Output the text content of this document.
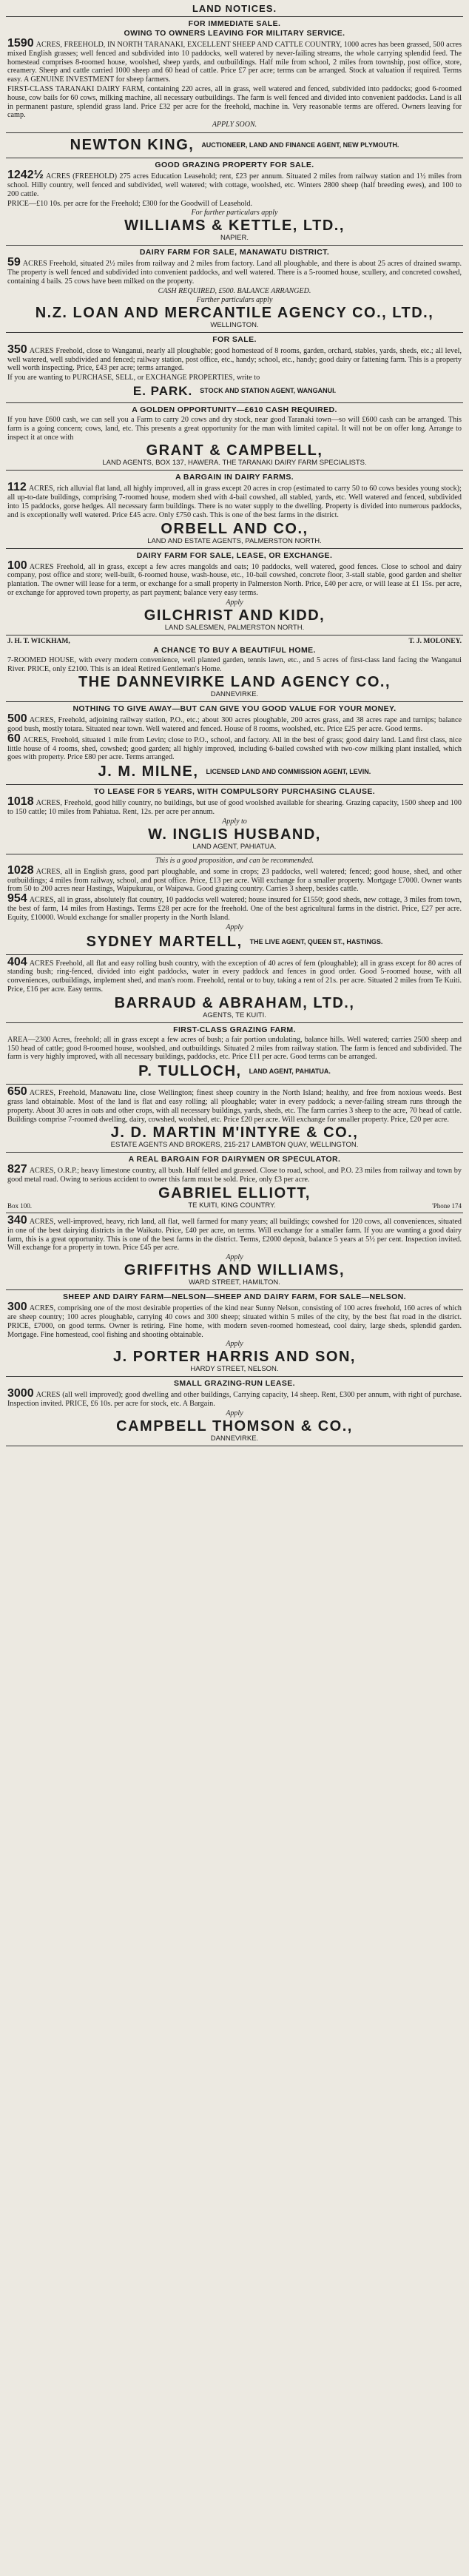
LAND NOTICES.
FOR IMMEDIATE SALE.
OWING TO OWNERS LEAVING FOR MILITARY SERVICE.

1590 ACRES, FREEHOLD, IN NORTH TARANAKI, EXCELLENT SHEEP AND CATTLE COUNTRY, 1000 acres has been grassed, 500 acres mixed English grasses; well fenced and subdivided into 10 paddocks, well watered by never-failing streams, the whole carrying splendid feed. The homestead comprises 8-roomed house, woolshed, sheep yards, and outbuildings. Half mile from school, 2 miles from township, post office, store, creamery. Sheep and cattle carried 1000 sheep and 60 head of cattle. Price £7 per acre; terms can be arranged. Stock at valuation if required. Terms easy. A GENUINE INVESTMENT for sheep farmers.

FIRST-CLASS TARANAKI DAIRY FARM, containing 220 acres, all in grass, well watered and fenced, subdivided into paddocks; good 6-roomed house, cow bails for 60 cows, milking machine, all necessary outbuildings. The farm is well fenced and divided into convenient paddocks. Land is all in permanent pasture, splendid grass land. Price £32 per acre for the freehold, machine in. Very reasonable terms are offered. Owners leaving for camp.

APPLY SOON.
NEWTON KING, AUCTIONEER, LAND AND FINANCE AGENT, NEW PLYMOUTH.
GOOD GRAZING PROPERTY FOR SALE.

1242½ ACRES (FREEHOLD) 275 acres Education Leasehold; rent, £23 per annum. Situated 2 miles from railway station and 1½ miles from school. Hilly country, well fenced and subdivided, well watered; with cottage, woolshed, etc. Winters 2800 sheep (half breeding ewes), and 100 to 200 cattle.

PRICE—£10 10s. per acre for the Freehold; £300 for the Goodwill of Leasehold.

For further particulars apply
WILLIAMS & KETTLE, LTD.,
NAPIER.
DAIRY FARM FOR SALE, MANAWATU DISTRICT.

59 ACRES Freehold, situated 2½ miles from railway and 2 miles from factory. Land all ploughable, and there is about 25 acres of drained swamp. The property is well fenced and subdivided into convenient paddocks, and well watered. There is a 5-roomed house, scullery, and concreted cowshed, containing 4 bails. 25 cows have been milked on the property.

CASH REQUIRED, £500. BALANCE ARRANGED.
Further particulars apply
N.Z. LOAN AND MERCANTILE AGENCY CO., LTD.,
WELLINGTON.
FOR SALE.

350 ACRES Freehold, close to Wanganui, nearly all ploughable; good homestead of 8 rooms, garden, orchard, stables, yards, sheds, etc.; all level, well watered, well subdivided and fenced; railway station, post office, etc., handy; school, etc., handy; good dairy or fattening farm. This is a property well worth inspecting. Price, £43 per acre; terms arranged.

If you are wanting to PURCHASE, SELL, or EXCHANGE PROPERTIES, write to

E. PARK. STOCK AND STATION AGENT, WANGANUI.
A GOLDEN OPPORTUNITY—£610 CASH REQUIRED.

If you have £600 cash, we can sell you a Farm to carry 20 cows and dry stock, near good Taranaki town—so will £600 cash can be arranged. This farm is a going concern; cows, land, etc. This presents a great opportunity for the man with limited capital. It will not be on offer long. Arrange to inspect it at once with

GRANT & CAMPBELL,
LAND AGENTS, BOX 137, HAWERA. THE TARANAKI DAIRY FARM SPECIALISTS.
A BARGAIN IN DAIRY FARMS.

112 ACRES, rich alluvial flat land, all highly improved, all in grass except 20 acres in crop (estimated to carry 50 to 60 cows besides young stock); all up-to-date buildings, comprising 7-roomed house, modern shed with 4-bail cowshed, all stabled, yards, etc. Well watered and fenced, subdivided into 15 paddocks, gorse hedges. All necessary farm buildings. There is no water supply to the dwelling. Property is divided into numerous paddocks, and is exceptionally well watered. Price £45 acre. Only £750 cash. This is one of the best farms in the district.

ORBELL AND CO.,
LAND AND ESTATE AGENTS, PALMERSTON NORTH.
DAIRY FARM FOR SALE, LEASE, OR EXCHANGE.

100 ACRES Freehold, all in grass, except a few acres mangolds and oats; 10 paddocks, well watered, good fences. Close to school and dairy company, post office and store; well-built, 6-roomed house, wash-house, etc., 10-bail cowshed, concrete floor, 3-stall stable, good garden and shelter plantation. The owner will lease for a term, or exchange for a small property in Palmerston North. Price, £40 per acre, or will lease at £1 15s. per acre, or exchange for approved town property, as part payment; balance very easy terms.

Apply
GILCHRIST AND KIDD,
LAND SALESMEN, PALMERSTON NORTH.
J. H. T. WICKHAM,	T. J. MOLONEY.
A CHANCE TO BUY A BEAUTIFUL HOME.

7-ROOMED HOUSE, with every modern convenience, well planted garden, tennis lawn, etc., and 5 acres of first-class land facing the Wanganui River. PRICE, only £2100. This is an ideal Retired Gentleman's Home.

THE DANNEVIRKE LAND AGENCY CO.,
DANNEVIRKE.
NOTHING TO GIVE AWAY—BUT CAN GIVE YOU GOOD VALUE FOR YOUR MONEY.

500 ACRES, Freehold, adjoining railway station, P.O., etc.; about 300 acres ploughable, 200 acres grass, and 38 acres rape and turnips; balance good bush, mostly totara. Situated near town. Well watered and fenced. House of 8 rooms, woolshed, etc. Price £25 per acre. Good terms.

60 ACRES, Freehold, situated 1 mile from Levin; close to P.O., school, and factory. All in the best of grass; good dairy land. Land first class, nice little house of 4 rooms, shed, cowshed; good garden; all highly improved, including 6-bailed cowshed with two-cow milking plant installed, which goes with property. Price £80 per acre. Terms arranged.

J. M. MILNE, LICENSED LAND AND COMMISSION AGENT, LEVIN.
TO LEASE FOR 5 YEARS, WITH COMPULSORY PURCHASING CLAUSE.

1018 ACRES, Freehold, good hilly country, no buildings, but use of good woolshed available for shearing. Grazing capacity, 1500 sheep and 100 to 150 cattle; 10 miles from Pahiatua. Rent, 12s. per acre per annum.

Apply to
W. INGLIS HUSBAND,
LAND AGENT, PAHIATUA.
This is a good proposition, and can be recommended.

1028 ACRES, all in English grass, good part ploughable, and some in crops; 23 paddocks, well watered; fenced; good house, shed, and other outbuildings; 4 miles from railway, school, and post office. Price, £13 per acre. Will exchange for a smaller property. Mortgage £7000. Owner wants from 50 to 200 acres near Hastings, Waipukurau, or Waipawa. Good grazing country. Carries 3 sheep, besides cattle.

954 ACRES, all in grass, absolutely flat country, 10 paddocks well watered; house insured for £1550; good sheds, new cottage, 3 miles from town, the best of farm, 14 miles from Hastings. Terms £28 per acre for the freehold. One of the best agricultural farms in the district. Price, £27 per acre. Equity, £10000. Would exchange for smaller property in the North Island.

Apply
SYDNEY MARTELL, THE LIVE AGENT, QUEEN ST., HASTINGS.

404 ACRES Freehold, all flat and easy rolling bush country, with the exception of 40 acres of fern (ploughable); all in grass except for 80 acres of standing bush; ring-fenced, divided into eight paddocks, water in every paddock and fences in good order. Good 5-roomed house, with all conveniences, outbuildings, implement shed, and man's room. Freehold, rental or to buy, taking a rent of 21s. per acre. Situated 2 miles from Te Kuiti. Price, £16 per acre. Easy terms.

BARRAUD & ABRAHAM, LTD.,
AGENTS, TE KUITI.
FIRST-CLASS GRAZING FARM.

AREA—2300 Acres, freehold; all in grass except a few acres of bush; a fair portion undulating, balance hills. Well watered; carries 2500 sheep and 150 head of cattle; good 8-roomed house, woolshed, and outbuildings. Situated 2 miles from railway station. The farm is fenced and subdivided. The farm is very highly improved, with all necessary buildings, paddocks, etc. Price £11 per acre. Good terms can be arranged.

P. TULLOCH, LAND AGENT, PAHIATUA.

650 ACRES, Freehold, Manawatu line, close Wellington; finest sheep country in the North Island; healthy, and free from noxious weeds. Best grass land obtainable. Most of the land is flat and easy rolling; all ploughable; water in every paddock; a never-failing stream runs through the property. About 30 acres in oats and other crops, with all necessary buildings, yards, sheds, etc. The farm carries 3 sheep to the acre, 70 head of cattle. Buildings comprise 7-roomed dwelling, dairy, cowshed, woolshed, etc. Price £20 per acre. Will exchange for smaller property. Price, £20 per acre.

J. D. MARTIN M'INTYRE & CO.,
ESTATE AGENTS AND BROKERS, 215-217 LAMBTON QUAY, WELLINGTON.
A REAL BARGAIN FOR DAIRYMEN OR SPECULATOR.

827 ACRES, O.R.P.; heavy limestone country, all bush. Half felled and grassed. Close to road, school, and P.O. 23 miles from railway and town by good metal road. Owing to serious accident to owner this farm must be sold. Price, only £3 per acre.

GABRIEL ELLIOTT,
Box 100.	TE KUITI, KING COUNTRY.	'Phone 174

340 ACRES, well-improved, heavy, rich land, all flat, well farmed for many years; all buildings; cowshed for 120 cows, all conveniences, situated in one of the best dairying districts in the Waikato. Price, £40 per acre, on terms. Will exchange for a smaller farm. If you are wanting a good dairy farm, this is a great opportunity. This is one of the best farms in the district. Terms, £2000 deposit, balance 5 years at 5½ per cent. Inspection invited. Will exchange for a property in town. Price £45 per acre.

Apply
GRIFFITHS AND WILLIAMS,
WARD STREET, HAMILTON.
SHEEP AND DAIRY FARM—NELSON—SHEEP AND DAIRY FARM, FOR SALE—NELSON.

300 ACRES, comprising one of the most desirable properties of the kind near Sunny Nelson, consisting of 100 acres freehold, 160 acres of which are sheep country; 100 acres ploughable, carrying 40 cows and 300 sheep; situated within 5 miles of the city, by the best flat road in the district. PRICE, £7000, on good terms. Owner is retiring. Fine home, with modern seven-roomed homestead, cool dairy, large sheds, splendid garden. Mortgage. Fine homestead, cool fishing and shooting obtainable.

Apply
J. PORTER HARRIS AND SON,
HARDY STREET, NELSON.
SMALL GRAZING-RUN LEASE.

3000 ACRES (all well improved); good dwelling and other buildings, Carrying capacity, 14 sheep. Rent, £300 per annum, with right of purchase. Inspection invited. PRICE, £6 10s. per acre for stock, etc. A Bargain.

Apply
CAMPBELL THOMSON & CO.,
DANNEVIRKE.
